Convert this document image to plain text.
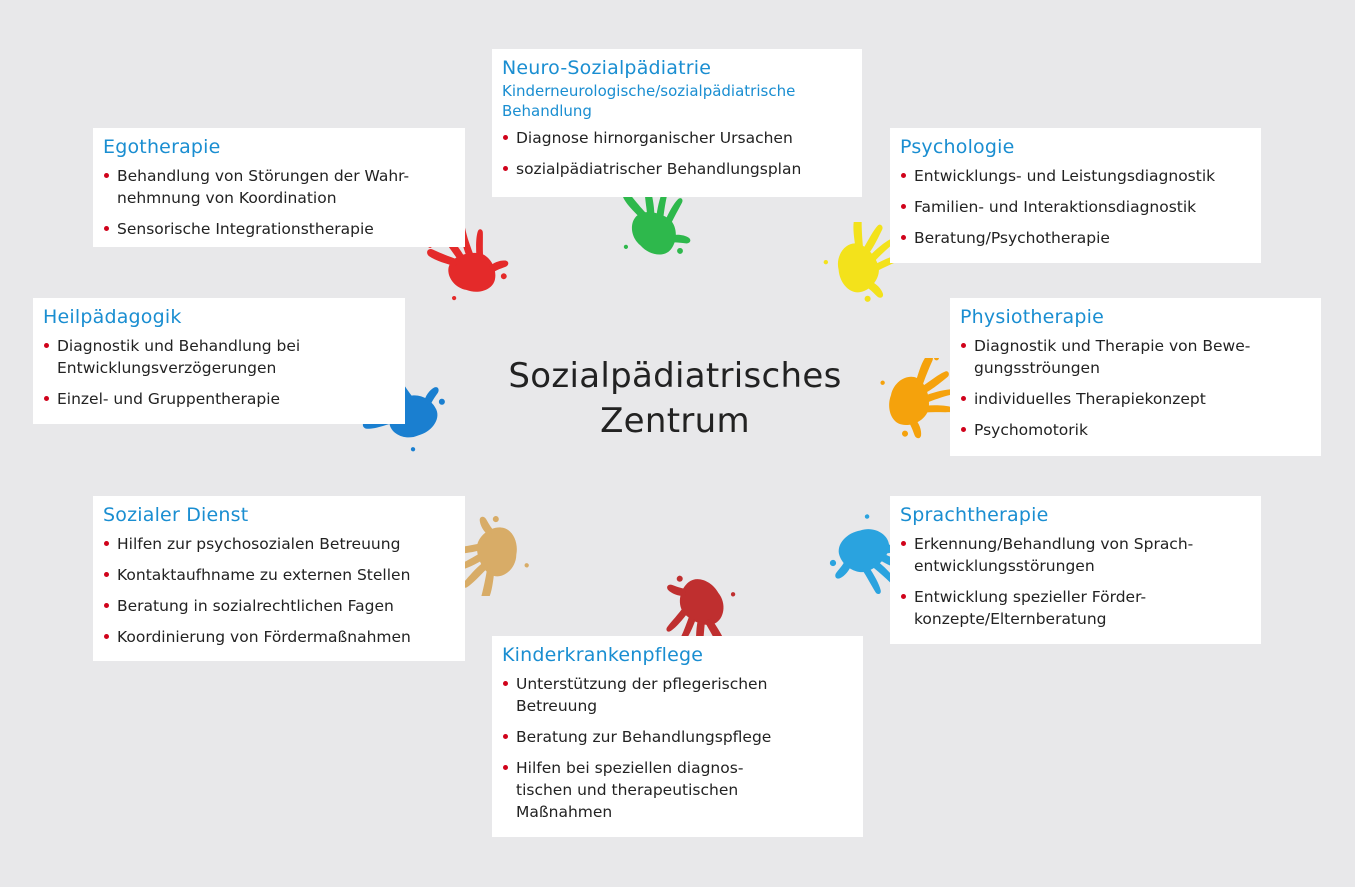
Sozialpädiatrisches
Zentrum
Neuro-Sozialpädiatrie
Kinderneurologische/sozialpädiatrische
Behandlung
Diagnose hirnorganischer Ursachen
sozialpädiatrischer Behandlungsplan
Egotherapie
Behandlung von Störungen der Wahr-
nehmnung von Koordination
Sensorische Integrationstherapie
Psychologie
Entwicklungs- und Leistungsdiagnostik
Familien- und Interaktionsdiagnostik
Beratung/Psychotherapie
Heilpädagogik
Diagnostik und Behandlung bei
Entwicklungsverzögerungen
Einzel- und Gruppentherapie
Physiotherapie
Diagnostik und Therapie von Bewe-
gungsströungen
individuelles Therapiekonzept
Psychomotorik
Sozialer Dienst
Hilfen zur psychosozialen Betreuung
Kontaktaufhname zu externen Stellen
Beratung in sozialrechtlichen Fagen
Koordinierung von Fördermaßnahmen
Sprachtherapie
Erkennung/Behandlung von Sprach-
entwicklungsstörungen
Entwicklung spezieller Förder-
konzepte/Elternberatung
Kinderkrankenpflege
Unterstützung der pflegerischen
Betreuung
Beratung zur Behandlungspflege
Hilfen bei speziellen diagnos-
tischen und therapeutischen
Maßnahmen
